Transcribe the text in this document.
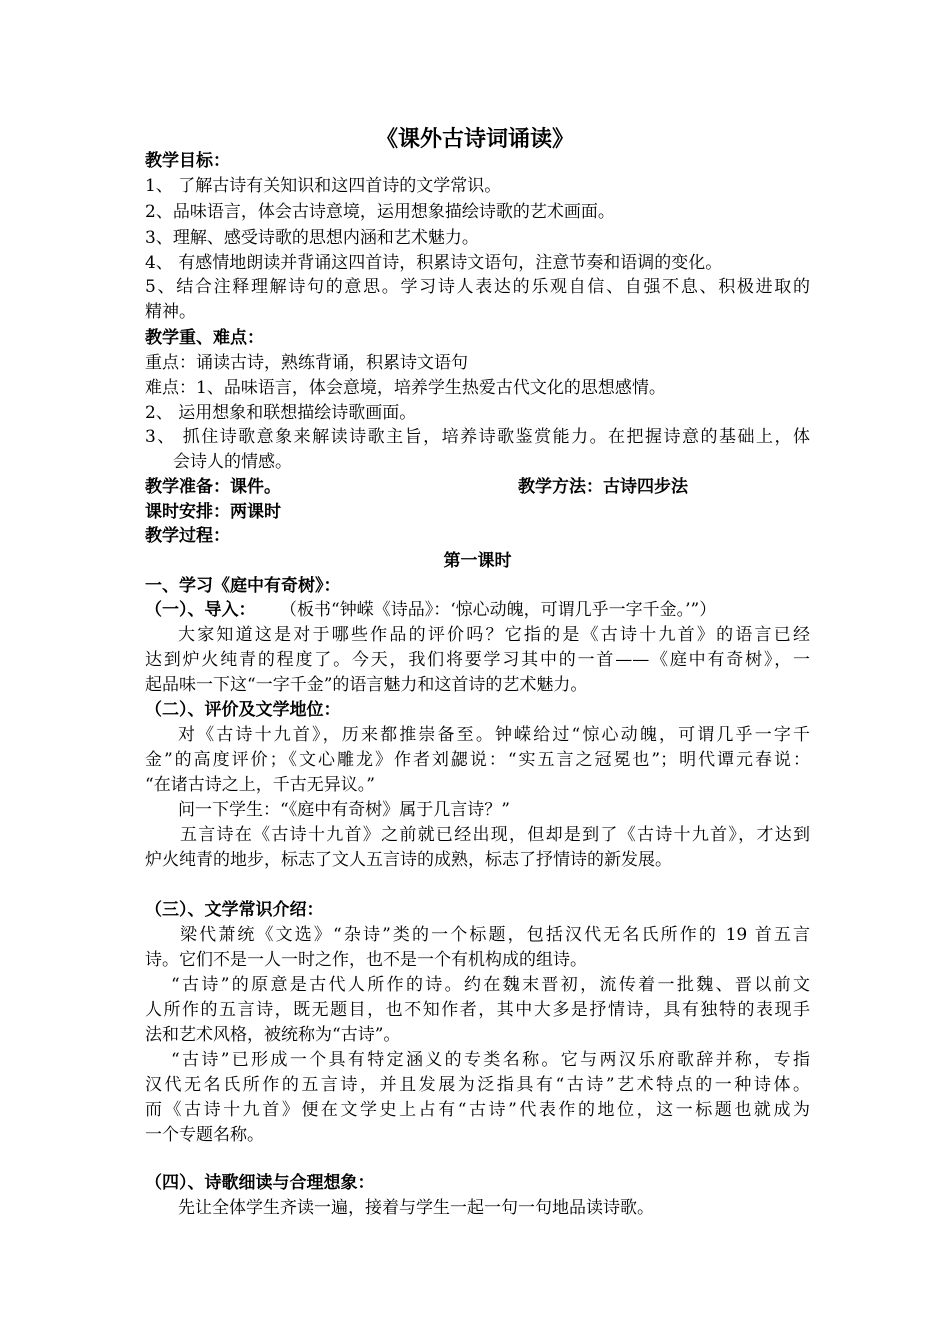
《课外古诗词诵读》
教学目标：
1、 了解古诗有关知识和这四首诗的文学常识。
2、品味语言，体会古诗意境，运用想象描绘诗歌的艺术画面。
3、理解、感受诗歌的思想内涵和艺术魅力。
4、 有感情地朗读并背诵这四首诗，积累诗文语句，注意节奏和语调的变化。
5、结合注释理解诗句的意思。学习诗人表达的乐观自信、自强不息、积极进取的
精神。
教学重、难点：
重点：诵读古诗，熟练背诵，积累诗文语句
难点：1、品味语言，体会意境，培养学生热爱古代文化的思想感情。
2、 运用想象和联想描绘诗歌画面。
3、 抓住诗歌意象来解读诗歌主旨，培养诗歌鉴赏能力。在把握诗意的基础上，体
会诗人的情感。
教学准备：课件。	教学方法：古诗四步法
课时安排：两课时
教学过程：
第一课时
一、学习《庭中有奇树》：
（一）、导入：	（板书“钟嵘《诗品》：‘惊心动魄，可谓几乎一字千金。’”）
大家知道这是对于哪些作品的评价吗？它指的是《古诗十九首》的语言已经
达到炉火纯青的程度了。今天，我们将要学习其中的一首——《庭中有奇树》，一
起品味一下这“一字千金”的语言魅力和这首诗的艺术魅力。
（二）、评价及文学地位：
对《古诗十九首》，历来都推崇备至。钟嵘给过“惊心动魄，可谓几乎一字千
金”的高度评价；《文心雕龙》作者刘勰说：“实五言之冠冕也”；明代谭元春说：
“在诸古诗之上，千古无异议。”
问一下学生：“《庭中有奇树》属于几言诗？”
五言诗在《古诗十九首》之前就已经出现，但却是到了《古诗十九首》，才达到
炉火纯青的地步，标志了文人五言诗的成熟，标志了抒情诗的新发展。
（三）、文学常识介绍：
梁代萧统《文选》“杂诗”类的一个标题，包括汉代无名氏所作的 19 首五言
诗。它们不是一人一时之作，也不是一个有机构成的组诗。
“古诗”的原意是古代人所作的诗。约在魏末晋初，流传着一批魏、晋以前文
人所作的五言诗，既无题目，也不知作者，其中大多是抒情诗，具有独特的表现手
法和艺术风格，被统称为“古诗”。
“古诗”已形成一个具有特定涵义的专类名称。它与两汉乐府歌辞并称，专指
汉代无名氏所作的五言诗，并且发展为泛指具有“古诗”艺术特点的一种诗体。
而《古诗十九首》便在文学史上占有“古诗”代表作的地位，这一标题也就成为
一个专题名称。
（四）、诗歌细读与合理想象：
先让全体学生齐读一遍，接着与学生一起一句一句地品读诗歌。
